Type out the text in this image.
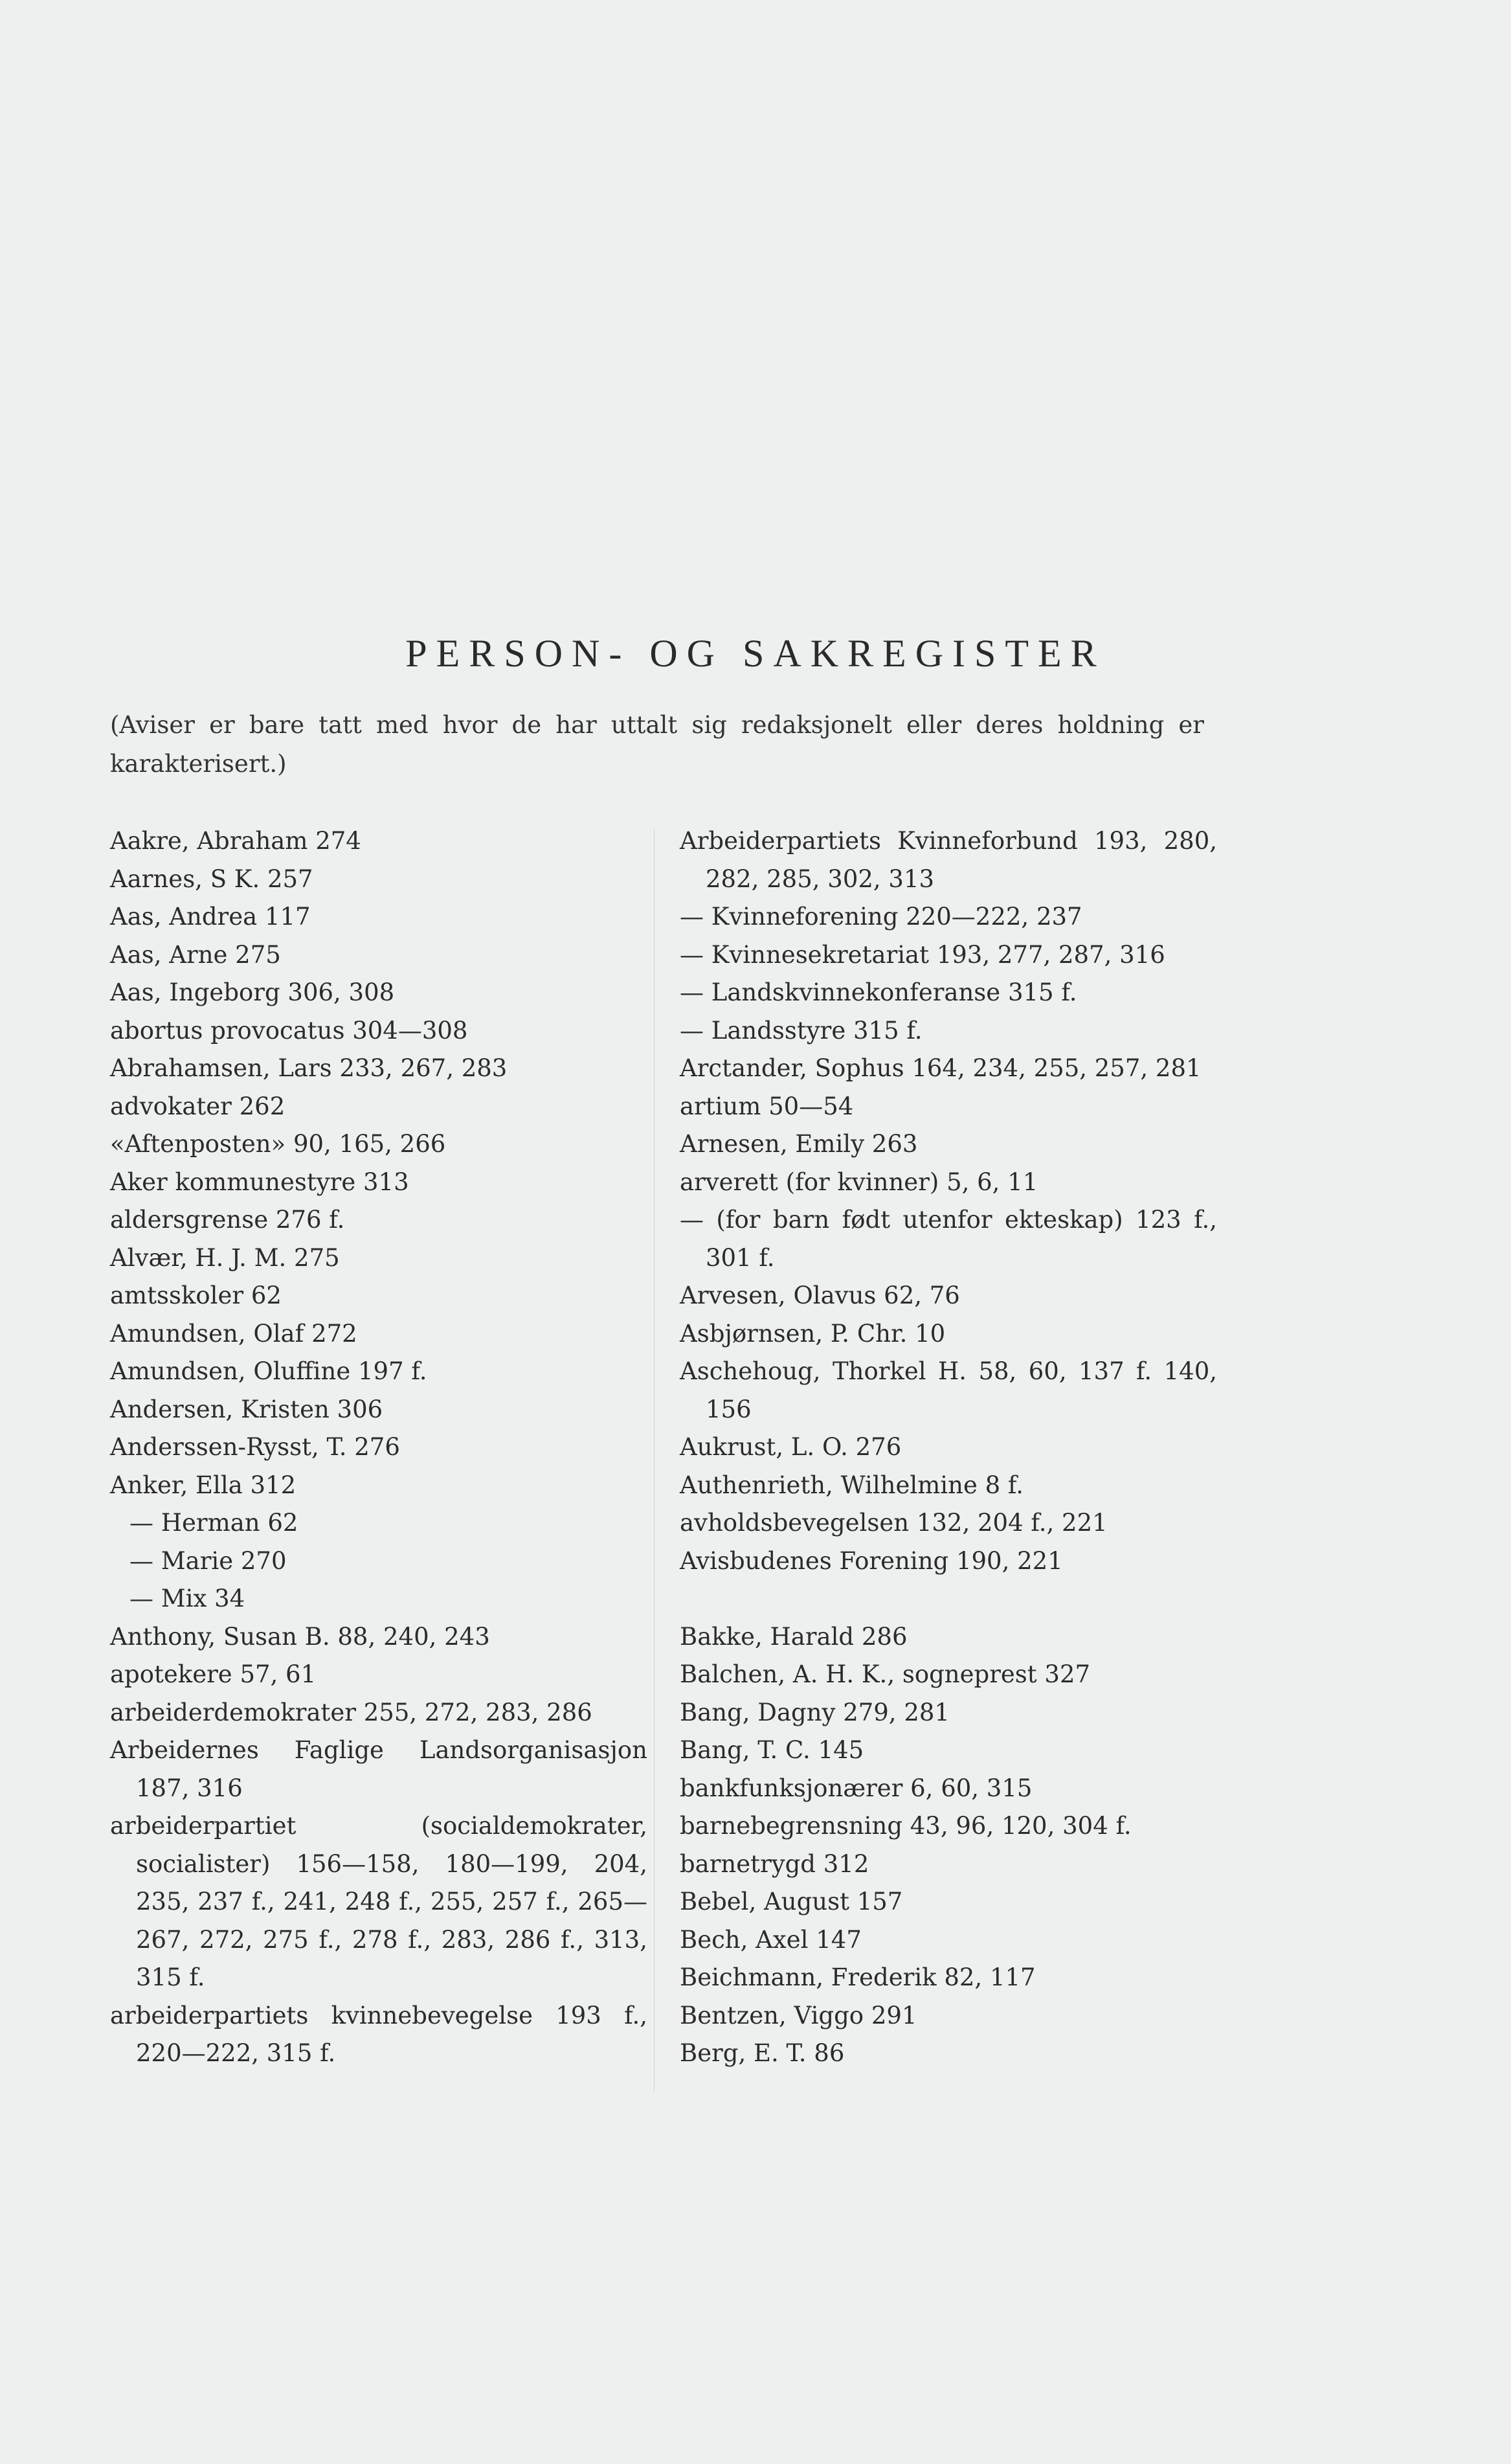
PERSON- OG SAKREGISTER
(Aviser er bare tatt med hvor de har uttalt sig redaksjonelt eller deres holdning er karakterisert.)
Aakre, Abraham 274
Aarnes, S K. 257
Aas, Andrea 117
Aas, Arne 275
Aas, Ingeborg 306, 308
abortus provocatus 304—308
Abrahamsen, Lars 233, 267, 283
advokater 262
«Aftenposten» 90, 165, 266
Aker kommunestyre 313
aldersgrense 276 f.
Alvær, H. J. M. 275
amtsskoler 62
Amundsen, Olaf 272
Amundsen, Oluffine 197 f.
Andersen, Kristen 306
Anderssen-Rysst, T. 276
Anker, Ella 312
— Herman 62
— Marie 270
— Mix 34
Anthony, Susan B. 88, 240, 243
apotekere 57, 61
arbeiderdemokrater 255, 272, 283, 286
Arbeidernes Faglige Landsorganisasjon 187, 316
arbeiderpartiet (socialdemokrater, socialister) 156—158, 180—199, 204, 235, 237 f., 241, 248 f., 255, 257 f., 265—267, 272, 275 f., 278 f., 283, 286 f., 313, 315 f.
arbeiderpartiets kvinnebevegelse 193 f., 220—222, 315 f.
Arbeiderpartiets Kvinneforbund 193, 280, 282, 285, 302, 313
— Kvinneforening 220—222, 237
— Kvinnesekretariat 193, 277, 287, 316
— Landskvinnekonferanse 315 f.
— Landsstyre 315 f.
Arctander, Sophus 164, 234, 255, 257, 281
artium 50—54
Arnesen, Emily 263
arverett (for kvinner) 5, 6, 11
— (for barn født utenfor ekteskap) 123 f., 301 f.
Arvesen, Olavus 62, 76
Asbjørnsen, P. Chr. 10
Aschehoug, Thorkel H. 58, 60, 137 f. 140, 156
Aukrust, L. O. 276
Authenrieth, Wilhelmine 8 f.
avholdsbevegelsen 132, 204 f., 221
Avisbudenes Forening 190, 221
Bakke, Harald 286
Balchen, A. H. K., sogneprest 327
Bang, Dagny 279, 281
Bang, T. C. 145
bankfunksjonærer 6, 60, 315
barnebegrensning 43, 96, 120, 304 f.
barnetrygd 312
Bebel, August 157
Bech, Axel 147
Beichmann, Frederik 82, 117
Bentzen, Viggo 291
Berg, E. T. 86
